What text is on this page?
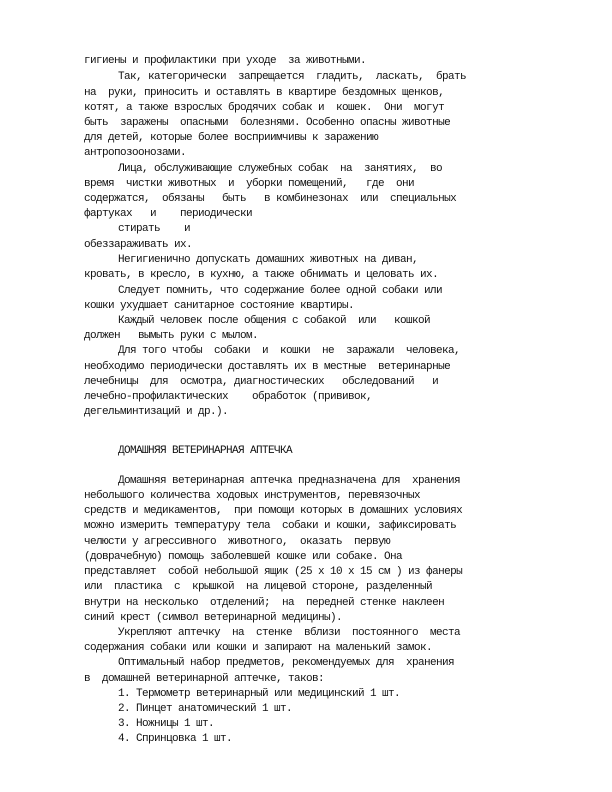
гигиены и профилактики при уходе  за животными.
Так, категорически  запрещается  гладить,  ласкать,  брать
на  руки, приносить и оставлять в квартире бездомных щенков,
котят, а также взрослых бродячих собак и  кошек.  Они  могут
быть  заражены  опасными  болезнями. Особенно опасны животные
для детей, которые более восприимчивы к заражению
антропозоонозами.
Лица, обслуживающие служебных собак  на  занятиях,  во
время  чистки животных  и  уборки помещений,   где  они
содержатся,  обязаны   быть   в комбинезонах  или  специальных
фартуках   и    периодически
стирать    и
обеззараживать их.
Негигиенично допускать домашних животных на диван,
кровать, в кресло, в кухню, а также обнимать и целовать их.
Следует помнить, что содержание более одной собаки или
кошки ухудшает санитарное состояние квартиры.
Каждый человек после общения с собакой  или   кошкой
должен   вымыть руки с мылом.
Для того чтобы  собаки  и  кошки  не  заражали  человека,
необходимо периодически доставлять их в местные  ветеринарные
лечебницы  для  осмотра, диагностических   обследований   и
лечебно-профилактических    обработок (прививок,
дегельминтизаций и др.).
ДОМАШНЯЯ ВЕТЕРИНАРНАЯ АПТЕЧКА
Домашняя ветеринарная аптечка предназначена для  хранения
небольшого количества ходовых инструментов, перевязочных
средств и медикаментов,  при помощи которых в домашних условиях
можно измерить температуру тела  собаки и кошки, зафиксировать
челюсти у агрессивного  животного,  оказать  первую
(доврачебную) помощь заболевшей кошке или собаке. Она
представляет  собой небольшой ящик (25 х 10 х 15 см ) из фанеры
или  пластика  с  крышкой  на лицевой стороне, разделенный
внутри на несколько  отделений;  на  передней стенке наклеен
синий крест (символ ветеринарной медицины).
Укрепляют аптечку  на  стенке  вблизи  постоянного  места
содержания собаки или кошки и запирают на маленький замок.
Оптимальный набор предметов, рекомендуемых для  хранения
в  домашней ветеринарной аптечке, таков:
1. Термометр ветеринарный или медицинский 1 шт.
2. Пинцет анатомический 1 шт.
3. Ножницы 1 шт.
4. Спринцовка 1 шт.
